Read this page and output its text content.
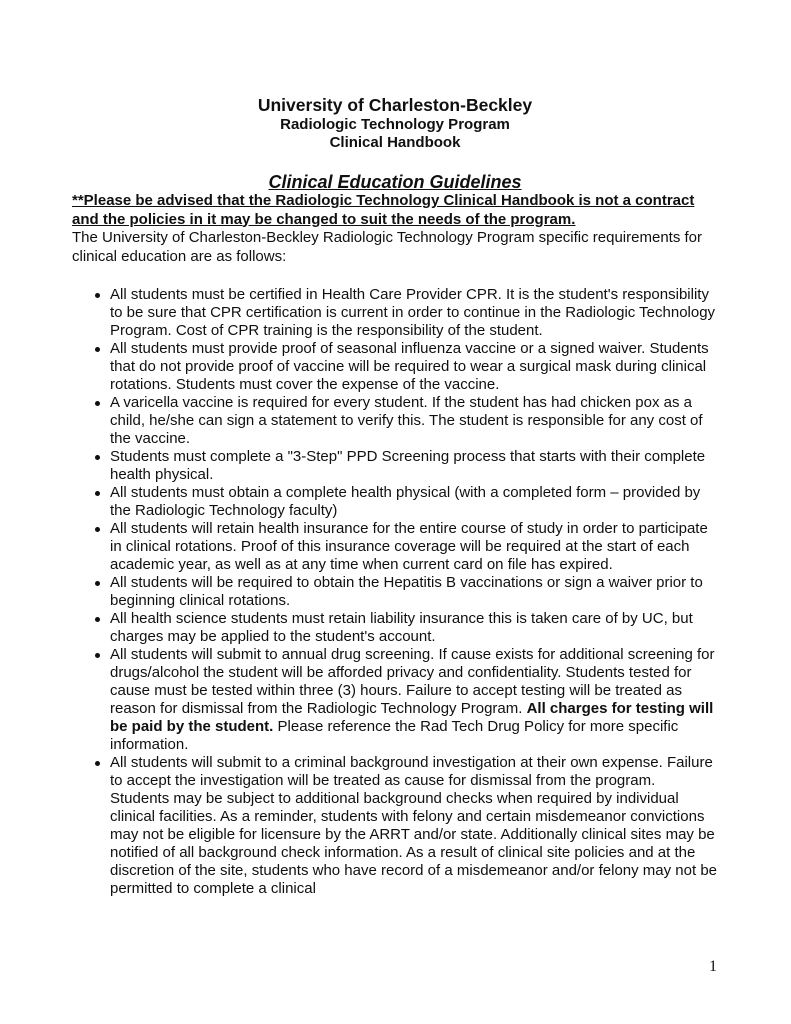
University of Charleston-Beckley
Radiologic Technology Program
Clinical Handbook
Clinical Education Guidelines
**Please be advised that the Radiologic Technology Clinical Handbook is not a contract and the policies in it may be changed to suit the needs of the program.
The University of Charleston-Beckley Radiologic Technology Program specific requirements for clinical education are as follows:
All students must be certified in Health Care Provider CPR. It is the student's responsibility to be sure that CPR certification is current in order to continue in the Radiologic Technology Program. Cost of CPR training is the responsibility of the student.
All students must provide proof of seasonal influenza vaccine or a signed waiver. Students that do not provide proof of vaccine will be required to wear a surgical mask during clinical rotations. Students must cover the expense of the vaccine.
A varicella vaccine is required for every student. If the student has had chicken pox as a child, he/she can sign a statement to verify this. The student is responsible for any cost of the vaccine.
Students must complete a "3-Step" PPD Screening process that starts with their complete health physical.
All students must obtain a complete health physical (with a completed form – provided by the Radiologic Technology faculty)
All students will retain health insurance for the entire course of study in order to participate in clinical rotations. Proof of this insurance coverage will be required at the start of each academic year, as well as at any time when current card on file has expired.
All students will be required to obtain the Hepatitis B vaccinations or sign a waiver prior to beginning clinical rotations.
All health science students must retain liability insurance this is taken care of by UC, but charges may be applied to the student's account.
All students will submit to annual drug screening. If cause exists for additional screening for drugs/alcohol the student will be afforded privacy and confidentiality. Students tested for cause must be tested within three (3) hours. Failure to accept testing will be treated as reason for dismissal from the Radiologic Technology Program. All charges for testing will be paid by the student. Please reference the Rad Tech Drug Policy for more specific information.
All students will submit to a criminal background investigation at their own expense. Failure to accept the investigation will be treated as cause for dismissal from the program. Students may be subject to additional background checks when required by individual clinical facilities. As a reminder, students with felony and certain misdemeanor convictions may not be eligible for licensure by the ARRT and/or state. Additionally clinical sites may be notified of all background check information. As a result of clinical site policies and at the discretion of the site, students who have record of a misdemeanor and/or felony may not be permitted to complete a clinical
1
